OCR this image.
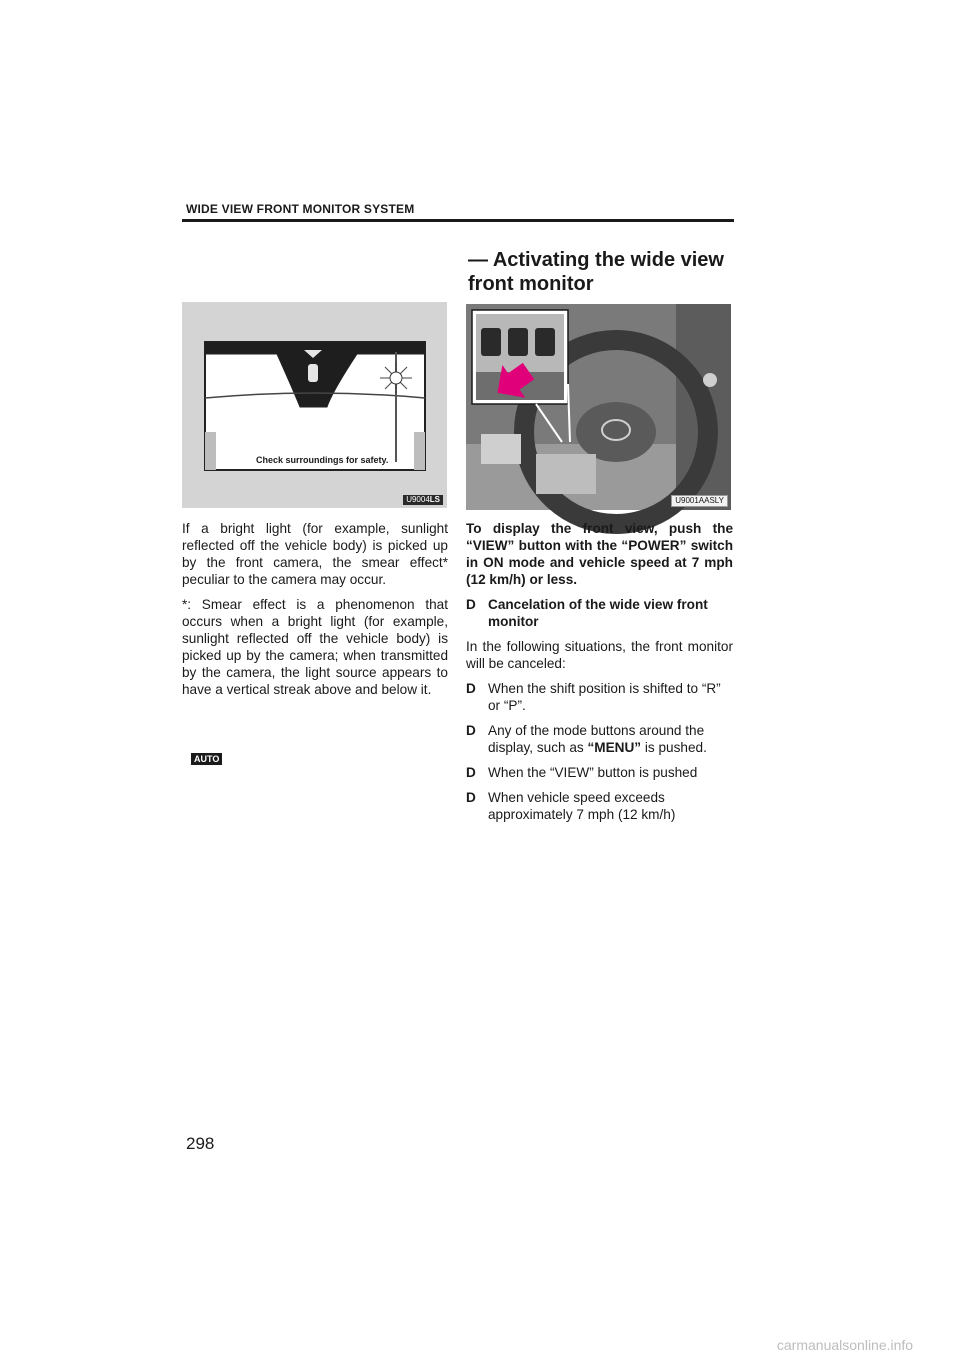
WIDE VIEW FRONT MONITOR SYSTEM
— Activating the wide view front monitor
AUTO
Check surroundings for safety.
U9004LS	U9001AASLY

If a bright light (for example, sunlight reflected off the vehicle body) is picked up by the front camera, the smear effect* peculiar to the camera may occur.

*: Smear effect is a phenomenon that occurs when a bright light (for example, sunlight reflected off the vehicle body) is picked up by the camera; when transmitted by the camera, the light source appears to have a vertical streak above and below it.

To display the front view, push the “VIEW” button with the “POWER” switch in ON mode and vehicle speed at 7 mph (12 km/h) or less.

D Cancelation of the wide view front monitor

In the following situations, the front monitor will be canceled:

D When the shift position is shifted to “R” or “P”.
D Any of the mode buttons around the display, such as “MENU” is pushed.
D When the “VIEW” button is pushed
D When vehicle speed exceeds approximately 7 mph (12 km/h)
298
carmanualsonline.info
